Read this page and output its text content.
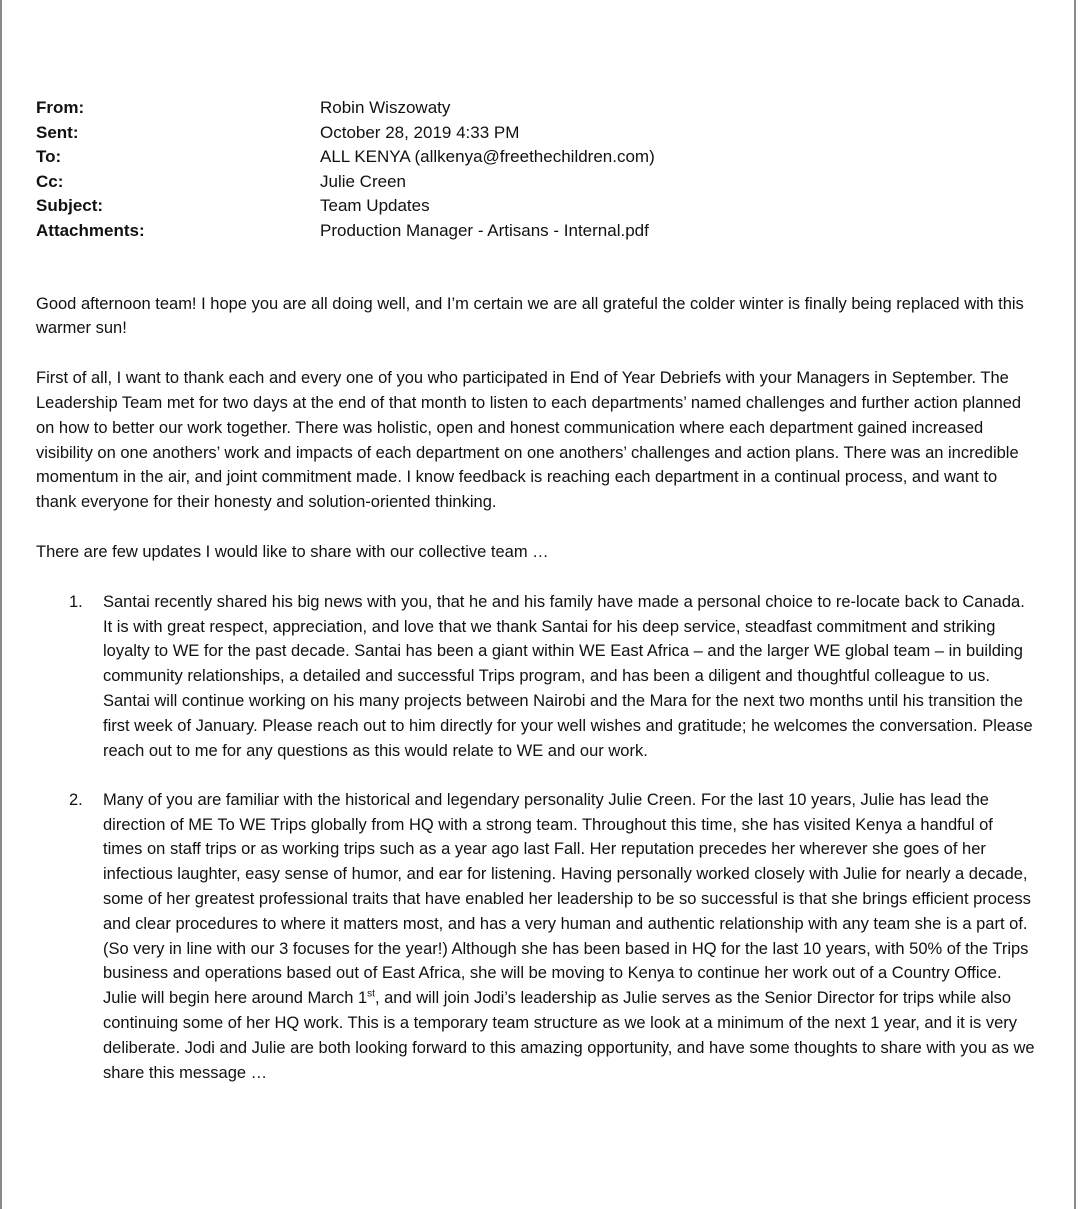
From:	Robin Wiszowaty
Sent:	October 28, 2019 4:33 PM
To:	ALL KENYA (allkenya@freethechildren.com)
Cc:	Julie Creen
Subject:	Team Updates
Attachments:	Production Manager - Artisans - Internal.pdf

Good afternoon team! I hope you are all doing well, and I’m certain we are all grateful the colder winter is finally being replaced with this warmer sun!

First of all, I want to thank each and every one of you who participated in End of Year Debriefs with your Managers in September. The Leadership Team met for two days at the end of that month to listen to each departments’ named challenges and further action planned on how to better our work together. There was holistic, open and honest communication where each department gained increased visibility on one anothers’ work and impacts of each department on one anothers’ challenges and action plans. There was an incredible momentum in the air, and joint commitment made. I know feedback is reaching each department in a continual process, and want to thank everyone for their honesty and solution-oriented thinking.

There are few updates I would like to share with our collective team …

1. Santai recently shared his big news with you, that he and his family have made a personal choice to re-locate back to Canada. It is with great respect, appreciation, and love that we thank Santai for his deep service, steadfast commitment and striking loyalty to WE for the past decade. Santai has been a giant within WE East Africa – and the larger WE global team – in building community relationships, a detailed and successful Trips program, and has been a diligent and thoughtful colleague to us. Santai will continue working on his many projects between Nairobi and the Mara for the next two months until his transition the first week of January. Please reach out to him directly for your well wishes and gratitude; he welcomes the conversation. Please reach out to me for any questions as this would relate to WE and our work.
2. Many of you are familiar with the historical and legendary personality Julie Creen. For the last 10 years, Julie has lead the direction of ME To WE Trips globally from HQ with a strong team. Throughout this time, she has visited Kenya a handful of times on staff trips or as working trips such as a year ago last Fall. Her reputation precedes her wherever she goes of her infectious laughter, easy sense of humor, and ear for listening. Having personally worked closely with Julie for nearly a decade, some of her greatest professional traits that have enabled her leadership to be so successful is that she brings efficient process and clear procedures to where it matters most, and has a very human and authentic relationship with any team she is a part of. (So very in line with our 3 focuses for the year!) Although she has been based in HQ for the last 10 years, with 50% of the Trips business and operations based out of East Africa, she will be moving to Kenya to continue her work out of a Country Office. Julie will begin here around March 1st, and will join Jodi’s leadership as Julie serves as the Senior Director for trips while also continuing some of her HQ work. This is a temporary team structure as we look at a minimum of the next 1 year, and it is very deliberate. Jodi and Julie are both looking forward to this amazing opportunity, and have some thoughts to share with you as we share this message …
